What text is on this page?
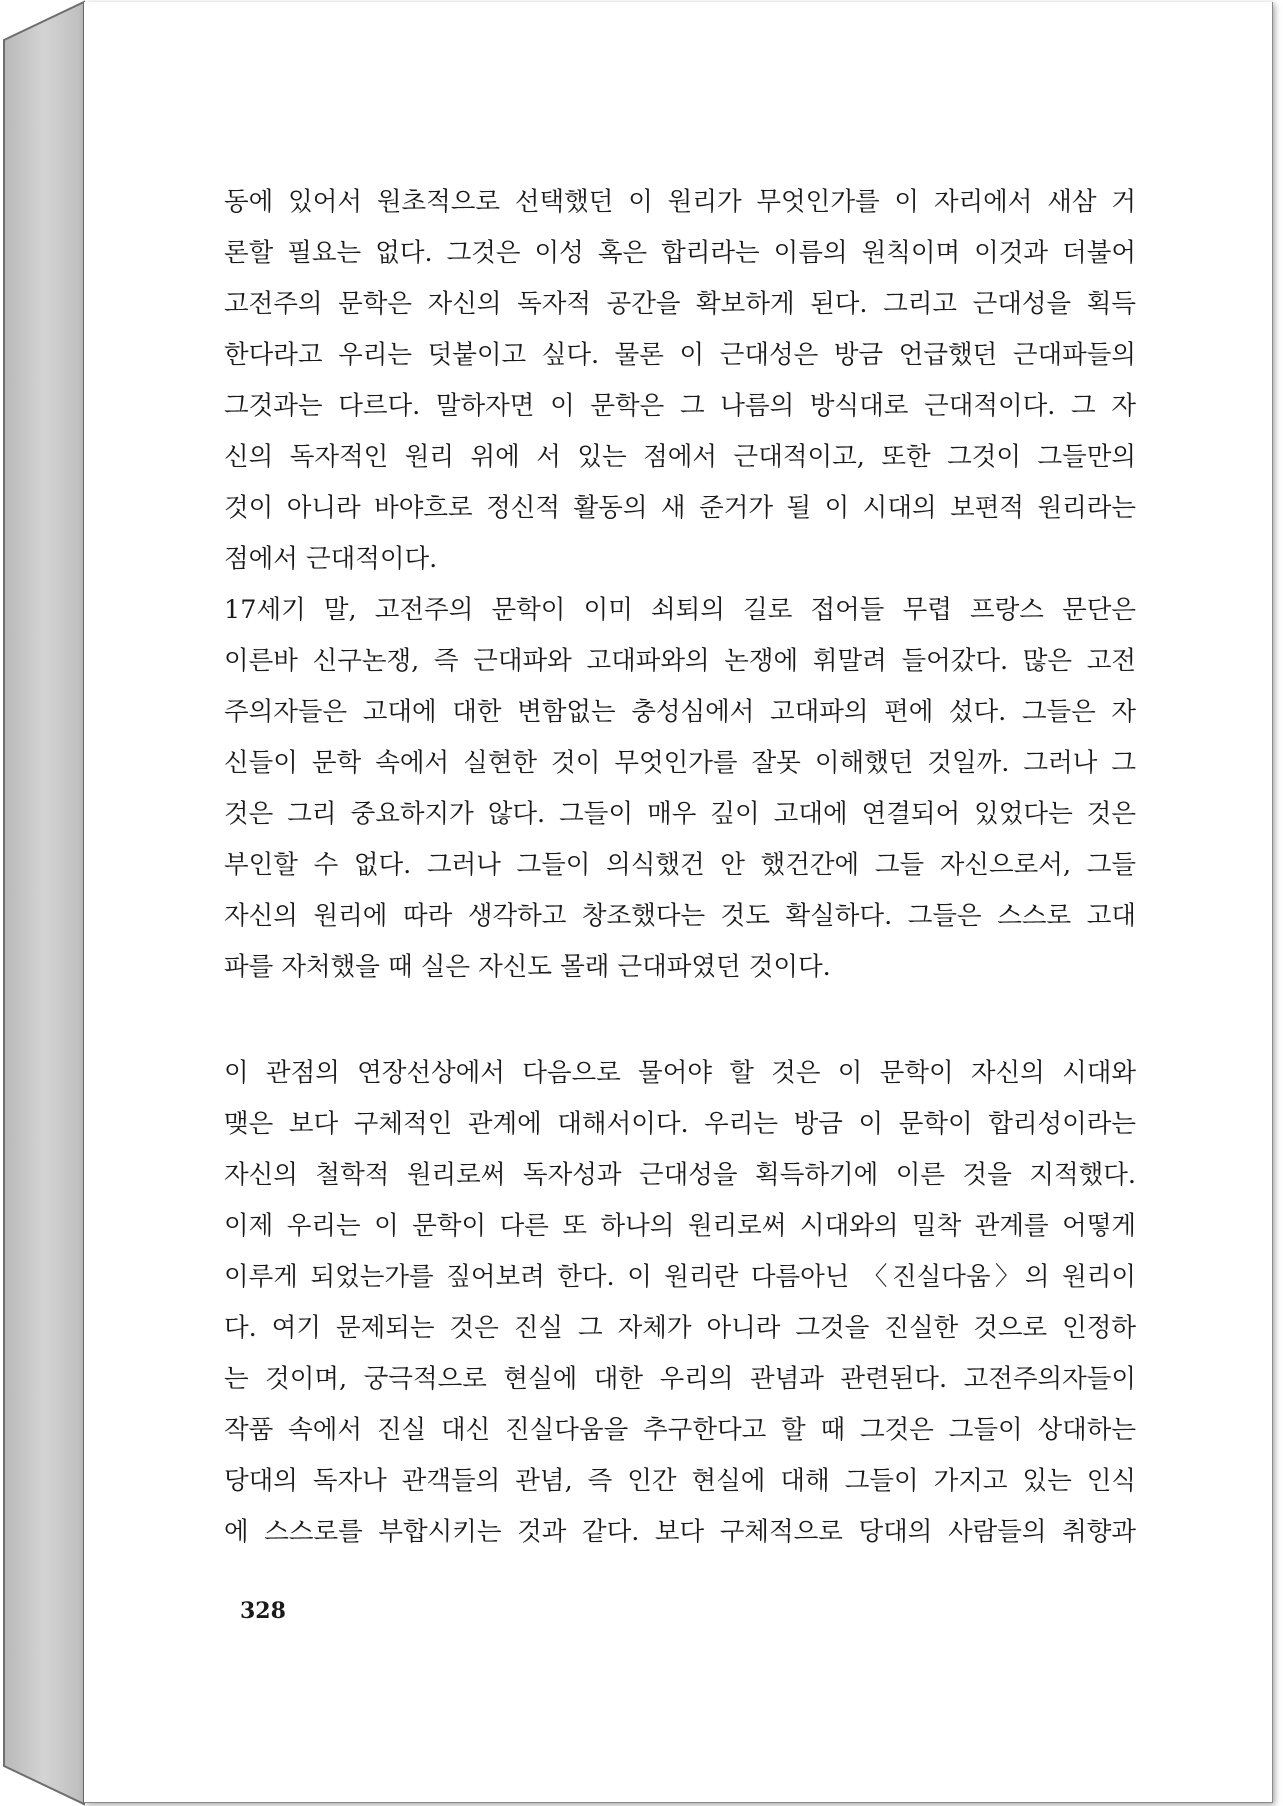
동에 있어서 원초적으로 선택했던 이 원리가 무엇인가를 이 자리에서 새삼 거
론할 필요는 없다. 그것은 이성 혹은 합리라는 이름의 원칙이며 이것과 더불어
고전주의 문학은 자신의 독자적 공간을 확보하게 된다. 그리고 근대성을 획득
한다라고 우리는 덧붙이고 싶다. 물론 이 근대성은 방금 언급했던 근대파들의
그것과는 다르다. 말하자면 이 문학은 그 나름의 방식대로 근대적이다. 그 자
신의 독자적인 원리 위에 서 있는 점에서 근대적이고, 또한 그것이 그들만의
것이 아니라 바야흐로 정신적 활동의 새 준거가 될 이 시대의 보편적 원리라는
점에서 근대적이다.
17세기 말, 고전주의 문학이 이미 쇠퇴의 길로 접어들 무렵 프랑스 문단은
이른바 신구논쟁, 즉 근대파와 고대파와의 논쟁에 휘말려 들어갔다. 많은 고전
주의자들은 고대에 대한 변함없는 충성심에서 고대파의 편에 섰다. 그들은 자
신들이 문학 속에서 실현한 것이 무엇인가를 잘못 이해했던 것일까. 그러나 그
것은 그리 중요하지가 않다. 그들이 매우 깊이 고대에 연결되어 있었다는 것은
부인할 수 없다. 그러나 그들이 의식했건 안 했건간에 그들 자신으로서, 그들
자신의 원리에 따라 생각하고 창조했다는 것도 확실하다. 그들은 스스로 고대
파를 자처했을 때 실은 자신도 몰래 근대파였던 것이다.
이 관점의 연장선상에서 다음으로 물어야 할 것은 이 문학이 자신의 시대와
맺은 보다 구체적인 관계에 대해서이다. 우리는 방금 이 문학이 합리성이라는
자신의 철학적 원리로써 독자성과 근대성을 획득하기에 이른 것을 지적했다.
이제 우리는 이 문학이 다른 또 하나의 원리로써 시대와의 밀착 관계를 어떻게
이루게 되었는가를 짚어보려 한다. 이 원리란 다름아닌 〈진실다움〉의 원리이
다. 여기 문제되는 것은 진실 그 자체가 아니라 그것을 진실한 것으로 인정하
는 것이며, 궁극적으로 현실에 대한 우리의 관념과 관련된다. 고전주의자들이
작품 속에서 진실 대신 진실다움을 추구한다고 할 때 그것은 그들이 상대하는
당대의 독자나 관객들의 관념, 즉 인간 현실에 대해 그들이 가지고 있는 인식
에 스스로를 부합시키는 것과 같다. 보다 구체적으로 당대의 사람들의 취향과
328
